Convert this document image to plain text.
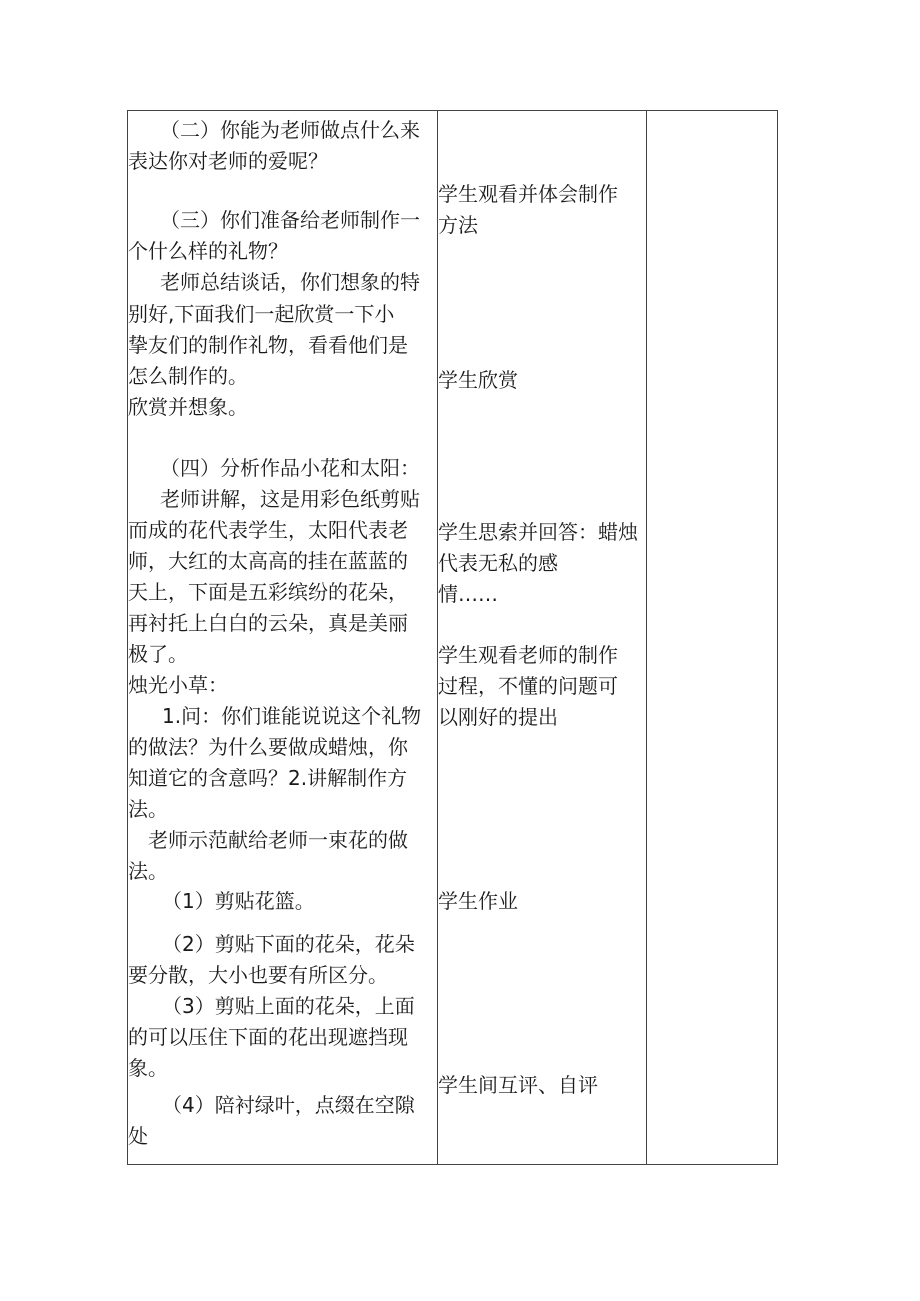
（二）你能为老师做点什么来
表达你对老师的爱呢？
（三）你们准备给老师制作一
个什么样的礼物？
老师总结谈话，你们想象的特
别好,下面我们一起欣赏一下小
挚友们的制作礼物，看看他们是
怎么制作的。
欣赏并想象。
（四）分析作品小花和太阳：
老师讲解，这是用彩色纸剪贴
而成的花代表学生，太阳代表老
师，大红的太高高的挂在蓝蓝的
天上，下面是五彩缤纷的花朵，
再衬托上白白的云朵，真是美丽
极了。
烛光小草：
1.问：你们谁能说说这个礼物
的做法？为什么要做成蜡烛，你
知道它的含意吗？2.讲解制作方
法。
老师示范献给老师一束花的做
法。
（1）剪贴花篮。
（2）剪贴下面的花朵，花朵
要分散，大小也要有所区分。
（3）剪贴上面的花朵，上面
的可以压住下面的花出现遮挡现
象。
（4）陪衬绿叶，点缀在空隙
处
学生观看并体会制作
方法
学生欣赏
学生思索并回答：蜡烛
代表无私的感
情……
学生观看老师的制作
过程，不懂的问题可
以刚好的提出
学生作业
学生间互评、自评
